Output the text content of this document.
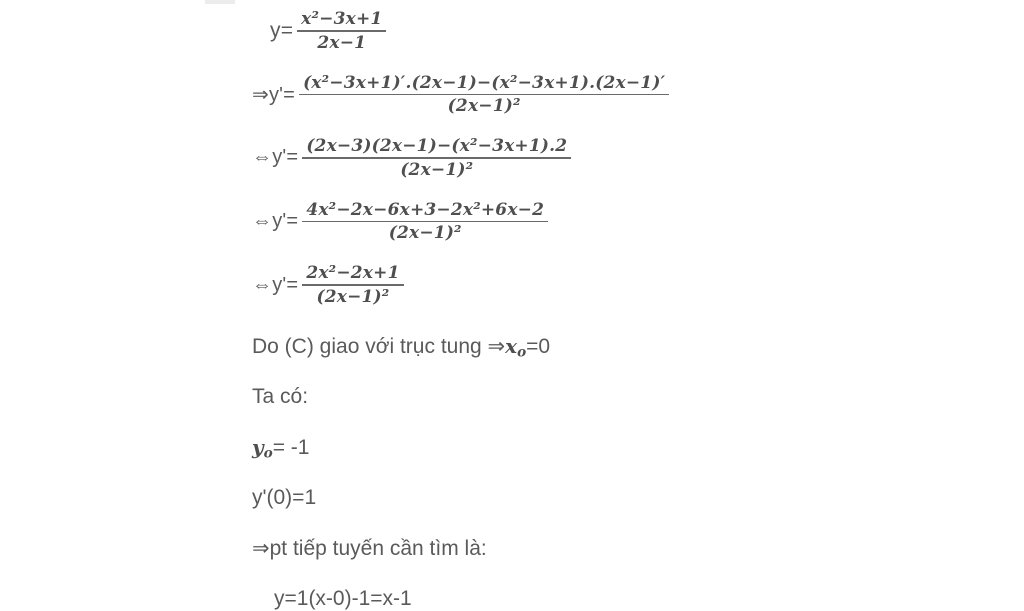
$y= \frac{\text{x²−3x+1}}{2x-1}$
⇒y'= $\frac{\text{(x²−3x+1)′.(2x−1)−(x²−3x+1).(2x−1)′}}{\text{(2x−1)²}}$
⇔y'= $\frac{\text{(2x−3)(2x−1)−(x²−3x+1).2}}{\text{(2x−1)²}}$
⇔y'= $\frac{\text{4x²−2x−6x+3−2x²+6x−2}}{\text{(2x−1)²}}$
⇔y'= $\frac{\text{2x²−2x+1}}{\text{(2x−1)²}}$
Do (C) giao với trục tung ⇒ $x_o =0$
Ta có:
$y_o = -1$
y'(0)=1
⇒pt tiếp tuyến cần tìm là:
y=1(x-0)-1=x-1
